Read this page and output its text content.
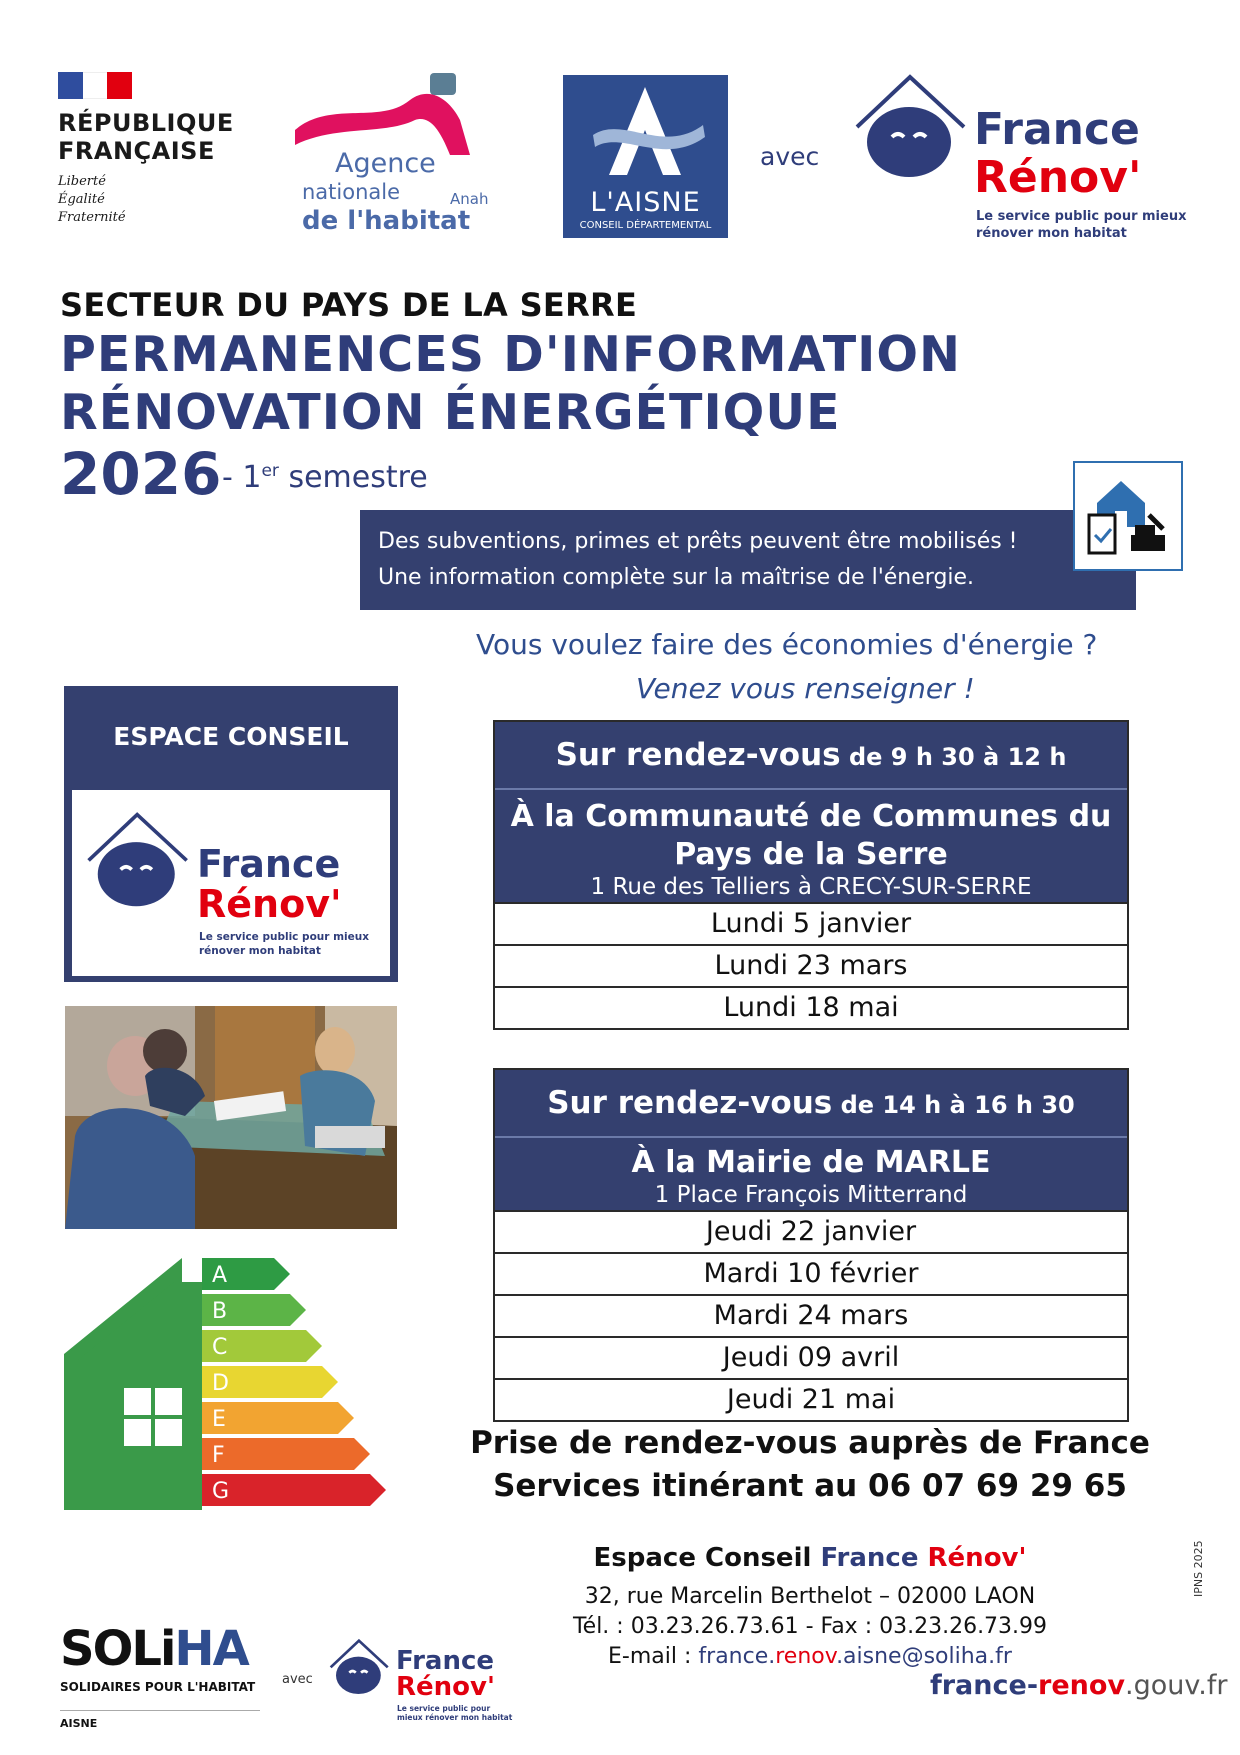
RÉPUBLIQUE
FRANÇAISE
Liberté
Égalité
Fraternité
Agence
nationale
de l'habitat
Anah	L'AISNE
CONSEIL DÉPARTEMENTAL
avec
France
Rénov'
Le service public pour mieux rénover mon habitat
SECTEUR DU PAYS DE LA SERRE
PERMANENCES D'INFORMATION
RÉNOVATION ÉNERGÉTIQUE
2026 - 1er semestre
Des subventions, primes et prêts peuvent être mobilisés !
Une information complète sur la maîtrise de l'énergie.
Vous voulez faire des économies d'énergie ?
Venez vous renseigner !
ESPACE CONSEIL
France
Rénov'
Le service public pour mieux rénover mon habitat
A
B
C
D
E
F
G
Sur rendez-vous de 9 h 30 à 12 h
À la Communauté de Communes du
Pays de la Serre
1 Rue des Telliers à CRECY-SUR-SERRE
Lundi 5 janvier
Lundi 23 mars
Lundi 18 mai
Sur rendez-vous de 14 h à 16 h 30
À la Mairie de MARLE
1 Place François Mitterrand
Jeudi 22 janvier
Mardi 10 février
Mardi 24 mars
Jeudi 09 avril
Jeudi 21 mai
Prise de rendez-vous auprès de France
Services itinérant au 06 07 69 29 65
Espace Conseil France Rénov'
32, rue Marcelin Berthelot – 02000 LAON
Tél. : 03.23.26.73.61 - Fax : 03.23.26.73.99
E-mail : france.renov.aisne@soliha.fr
IPNS 2025
france-renov.gouv.fr
SOLiHA
SOLIDAIRES POUR L'HABITAT
AISNE
avec
France
Rénov'
Le service public pour mieux rénover mon habitat
